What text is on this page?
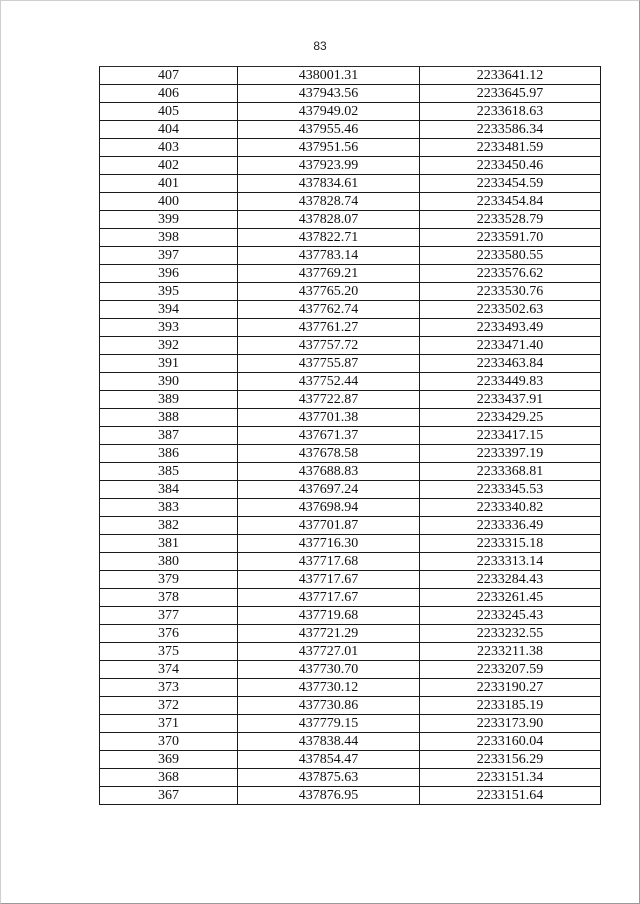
83
407	438001.31	2233641.12
406	437943.56	2233645.97
405	437949.02	2233618.63
404	437955.46	2233586.34
403	437951.56	2233481.59
402	437923.99	2233450.46
401	437834.61	2233454.59
400	437828.74	2233454.84
399	437828.07	2233528.79
398	437822.71	2233591.70
397	437783.14	2233580.55
396	437769.21	2233576.62
395	437765.20	2233530.76
394	437762.74	2233502.63
393	437761.27	2233493.49
392	437757.72	2233471.40
391	437755.87	2233463.84
390	437752.44	2233449.83
389	437722.87	2233437.91
388	437701.38	2233429.25
387	437671.37	2233417.15
386	437678.58	2233397.19
385	437688.83	2233368.81
384	437697.24	2233345.53
383	437698.94	2233340.82
382	437701.87	2233336.49
381	437716.30	2233315.18
380	437717.68	2233313.14
379	437717.67	2233284.43
378	437717.67	2233261.45
377	437719.68	2233245.43
376	437721.29	2233232.55
375	437727.01	2233211.38
374	437730.70	2233207.59
373	437730.12	2233190.27
372	437730.86	2233185.19
371	437779.15	2233173.90
370	437838.44	2233160.04
369	437854.47	2233156.29
368	437875.63	2233151.34
367	437876.95	2233151.64
